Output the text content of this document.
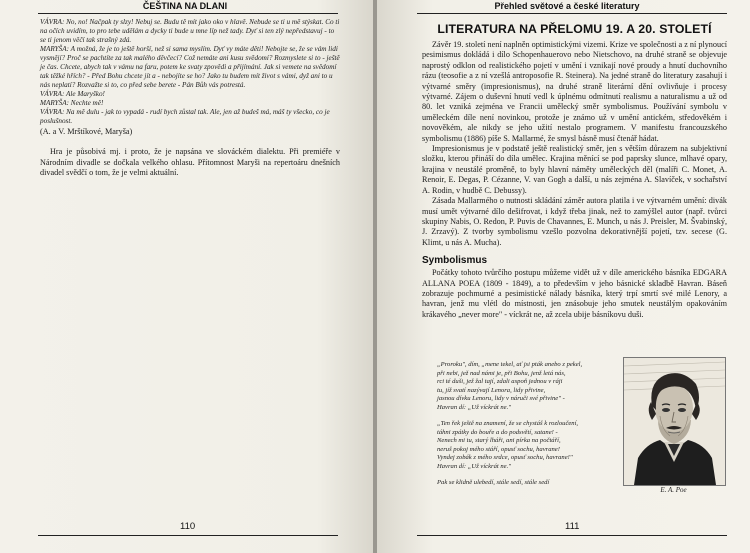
ČEŠTINA NA DLANI

VÁVRA: No, no! Načpak ty slzy! Nebuj se. Budu tě mít jako oko v hlavě. Nebude se ti u mě stýskat. Co ti na očích uvidím, to pro tebe udělám a dycky ti bude u mne líp než tady. Dyť si ten zlý nepředstavuj - to se ti jenom věčí tak strašný zdá.

MARYŠA: A možná, že je to ještě horší, než si sama myslím. Dyť vy máte děti! Nebojte se, že se vám lidi vysmějí? Proč se pachtíte za tak malého děvčecí? Což nemáte ani kusu svědomí? Rozmyslete si to - ještě je čas. Chcete, abych tak v vámu na faru, potem ke svaty zpovědi a přijímání. Jak si vemete na svědomí tak těžké hřích? - Před Bohu chcete jít a - nebojíte se ho? Jako tu budem mít život s vámi, dyž ani to u nás neplatí? Rozvažte si to, co před sebe berete - Pán Bůh vás potrestá.

VÁVRA: Ale Maryško!

MARYŠA: Nechte mě!

VÁVRA: Na mě dulu - jak to vypadá - rudí bych zůstal tak. Ale, jen až budeš má, máš ty všecko, co je poslušnost.

(A. a V. Mrštíkové, Maryša)

Hra je působivá mj. i proto, že je napsána ve slováckém dialektu. Při premiéře v Národním divadle se dočkala velkého ohlasu. Přítomnost Maryši na repertoáru dnešních divadel svědčí o tom, že je velmi aktuální.

110
Přehled světové a české literatury

LITERATURA NA PŘELOMU 19. A 20. STOLETÍ

Závěr 19. století není naplněn optimistickými vizemi. Krize ve společnosti a z ní plynoucí pesimismus dokládá i dílo Schopenhauerovo nebo Nietschovo, na druhé straně se objevuje naprostý odklon od realistického pojetí v umění i vznikají nové proudy a hnutí duchovního rázu (teosofie a z ní vzešlá antroposofie R. Steinera). Na jedné straně do literatury zasahují i výtvarné směry (impresionismus), na druhé straně literární dění ovlivňuje i procesy výtvarné. Zájem o duševní hnutí vedl k úplnému odmítnutí realismu a naturalismu a už od 80. let vzniká zejména ve Francii umělecký směr symbolismus. Používání symbolu v uměleckém díle není novinkou, protože je známo už v umění antickém, středověkém i novověkém, ale nikdy se jeho užití nestalo programem. V manifestu francouzského symbolismu (1886) píše S. Mallarmé, že smysl básně musí čtenář hádat.

Impresionismus je v podstatě ještě realistický směr, jen s větším důrazem na subjektivní složku, kterou přináší do díla umělec. Krajina měnící se pod paprsky slunce, mlhavé opary, krajina v neustálé proměně, to byly hlavní náměty uměleckých děl (malíři C. Monet, A. Renoir, E. Degas, P. Cézanne, V. van Gogh a další, u nás zejména A. Slavíček, v sochařství A. Rodin, v hudbě C. Debussy).

Zásada Mallarmého o nutnosti skládání záměr autora platila i ve výtvarném umění: divák musí umět výtvarné dílo dešifrovat, i když třeba jinak, než to zamýšlel autor (např. tvůrci skupiny Nabis, O. Redon, P. Puvis de Chavannes, E. Munch, u nás J. Preisler, M. Švabinský, J. Zrzavý). Z tvorby symbolismu vzešlo pozvolna dekorativnější pojetí, tzv. secese (G. Klimt, u nás A. Mucha).

Symbolismus

Počátky tohoto tvůrčího postupu můžeme vidět už v díle amerického básníka EDGARA ALLANA POEA (1809 - 1849), a to především v jeho básnické skladbě Havran. Báseň zobrazuje pochmurné a pesimistické nálady básníka, který trpí smrtí své milé Lenory, a havran, jenž mu vlétl do místnosti, jen znásobuje jeho smutek neustálým opakováním krákavého „never more" - víckrát ne, až zcela ubije básníkovu duši.

„Proroku", dím, „mene tekel, ať jsi pták anebo z pekel,

při nebi, jež nad námi je, při Bohu, jenž letá nás,

rci té duši, jež žal tají, zdali aspoň jednou v ráji

tu, jíž svatí nazývají Lenora, lidy přivine,

jasnou dívku Lenoru, lidy v náruči své přivine" -

Havran dí: „Už víckrát ne."

„Ten řek ještě na znamení, že se chystáš k rozloučení,

táhni zpátky do bouře a do podsvětí, satane! -

Nenech mi tu, starý lháři, ani pírka na počtáří,

neruš pokoj mého stáří, opusť sochu, havrane!

Vyndej zobák z mého srdce, opusť sochu, havrane!"

Havran dí: „Už víckrát ne."

Pak se klidně ulebedí, stále sedí, stále sedí

E. A. Poe
111
